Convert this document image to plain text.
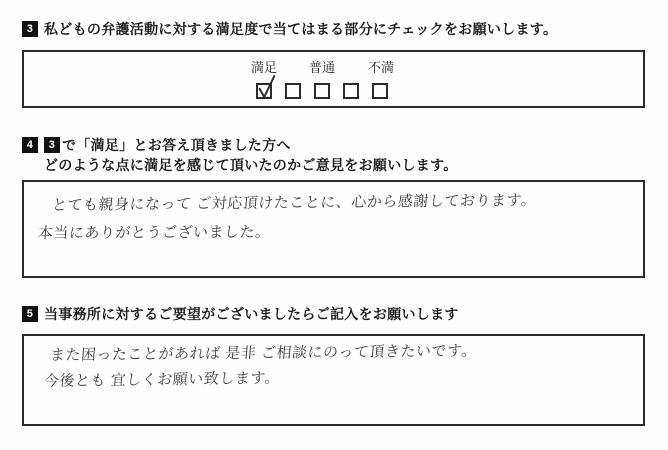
3 私どもの弁護活動に対する満足度で当てはまる部分にチェックをお願いします。
満足 普通	不満
4	3 で「満足」とお答え頂きました方へ
どのような点に満足を感じて頂いたのかご意見をお願いします。
とても親身になって ご対応頂けたことに、心から感謝しております。
本当にありがとうございました。
5 当事務所に対するご要望がございましたらご記入をお願いします
また困ったことがあれば 是非 ご相談にのって頂きたいです。
今後とも 宜しくお願い致します。
